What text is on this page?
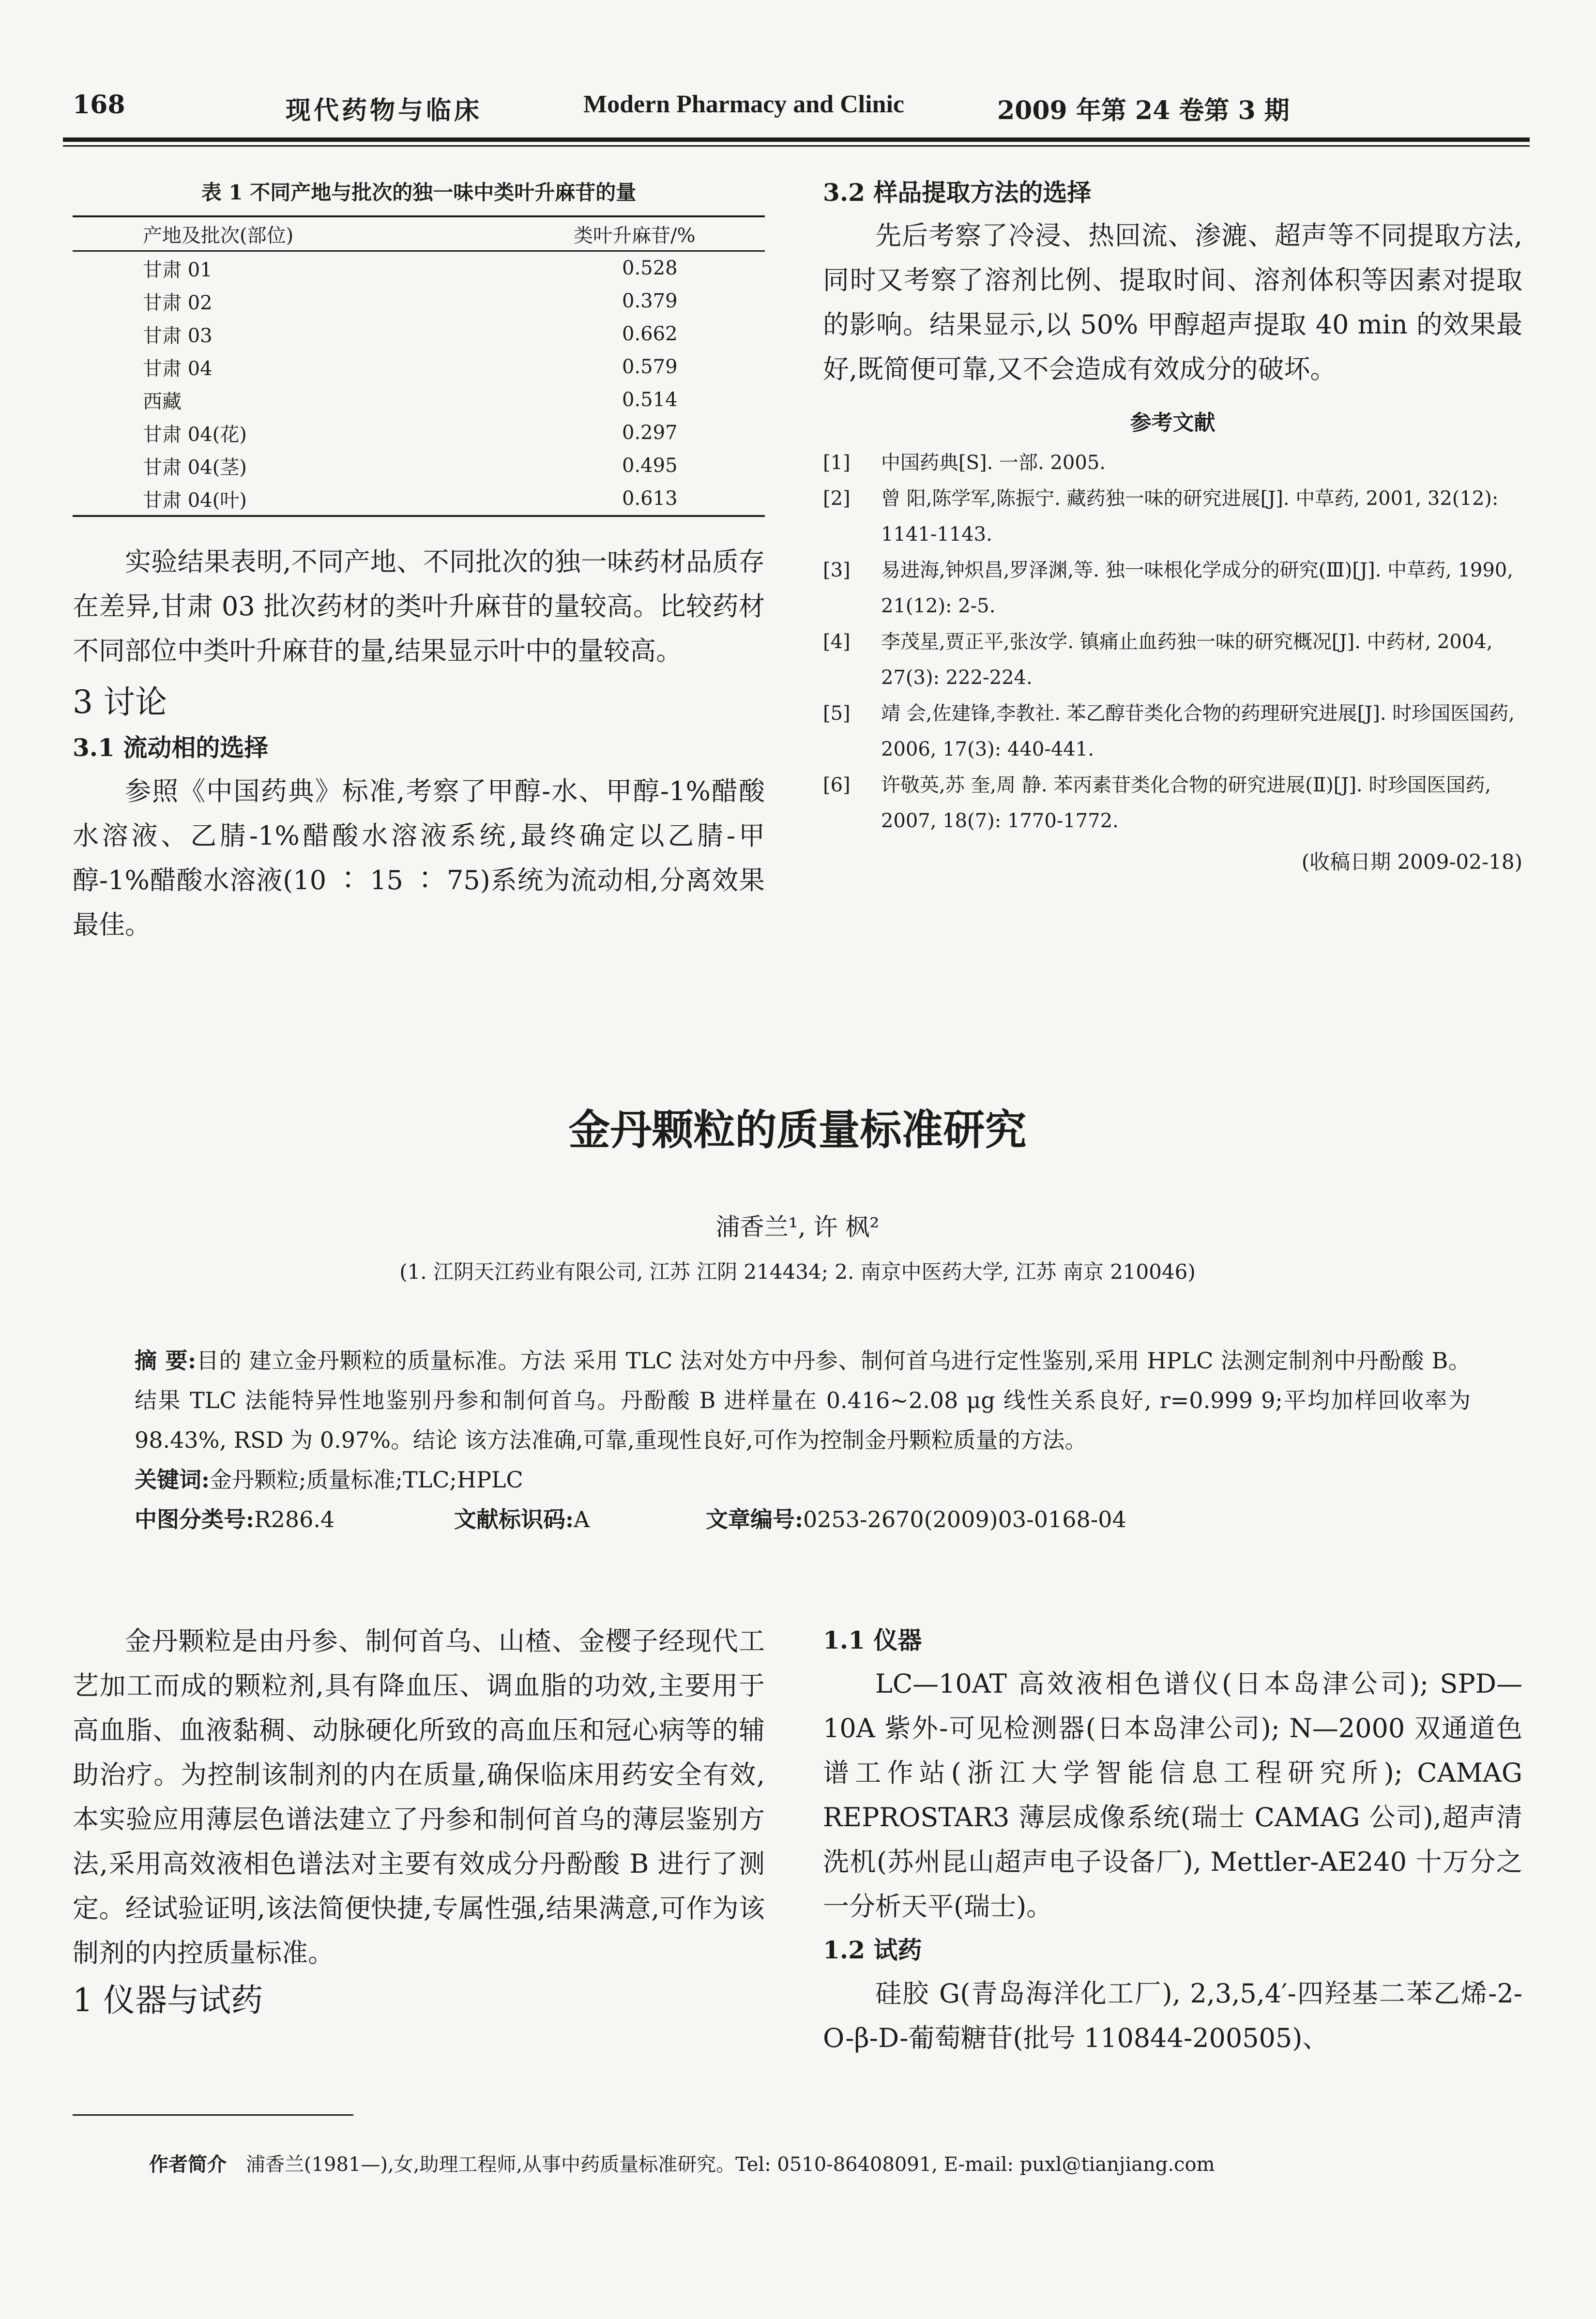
168	现代药物与临床	Modern Pharmacy and Clinic	2009 年第 24 卷第 3 期
表 1 不同产地与批次的独一味中类叶升麻苷的量
产地及批次(部位)	类叶升麻苷/%
甘肃 01	0.528
甘肃 02	0.379
甘肃 03	0.662
甘肃 04	0.579
西藏	0.514
甘肃 04(花)	0.297
甘肃 04(茎)	0.495
甘肃 04(叶)	0.613
实验结果表明,不同产地、不同批次的独一味药材品质存在差异,甘肃 03 批次药材的类叶升麻苷的量较高。比较药材不同部位中类叶升麻苷的量,结果显示叶中的量较高。
3 讨论
3.1 流动相的选择
参照《中国药典》标准,考察了甲醇-水、甲醇-1%醋酸水溶液、乙腈-1%醋酸水溶液系统,最终确定以乙腈-甲醇-1%醋酸水溶液(10 ∶ 15 ∶ 75)系统为流动相,分离效果最佳。
3.2 样品提取方法的选择
先后考察了冷浸、热回流、渗漉、超声等不同提取方法,同时又考察了溶剂比例、提取时间、溶剂体积等因素对提取的影响。结果显示,以 50% 甲醇超声提取 40 min 的效果最好,既简便可靠,又不会造成有效成分的破坏。
参考文献
[1]	中国药典[S]. 一部. 2005.
[2]	曾 阳,陈学军,陈振宁. 藏药独一味的研究进展[J]. 中草药, 2001, 32(12): 1141-1143.
[3]	易进海,钟炽昌,罗泽渊,等. 独一味根化学成分的研究(Ⅲ)[J]. 中草药, 1990, 21(12): 2-5.
[4]	李茂星,贾正平,张汝学. 镇痛止血药独一味的研究概况[J]. 中药材, 2004, 27(3): 222-224.
[5]	靖 会,佐建锋,李教社. 苯乙醇苷类化合物的药理研究进展[J]. 时珍国医国药, 2006, 17(3): 440-441.
[6]	许敬英,苏 奎,周 静. 苯丙素苷类化合物的研究进展(Ⅱ)[J]. 时珍国医国药, 2007, 18(7): 1770-1772.
(收稿日期 2009-02-18)
金丹颗粒的质量标准研究
浦香兰¹, 许 枫²
(1. 江阴天江药业有限公司, 江苏 江阴 214434; 2. 南京中医药大学, 江苏 南京 210046)
摘 要:目的 建立金丹颗粒的质量标准。方法 采用 TLC 法对处方中丹参、制何首乌进行定性鉴别,采用 HPLC 法测定制剂中丹酚酸 B。结果 TLC 法能特异性地鉴别丹参和制何首乌。丹酚酸 B 进样量在 0.416~2.08 μg 线性关系良好, r=0.999 9;平均加样回收率为 98.43%, RSD 为 0.97%。结论 该方法准确,可靠,重现性良好,可作为控制金丹颗粒质量的方法。
关键词:金丹颗粒;质量标准;TLC;HPLC
中图分类号:R286.4	文献标识码:A	文章编号:0253-2670(2009)03-0168-04
金丹颗粒是由丹参、制何首乌、山楂、金樱子经现代工艺加工而成的颗粒剂,具有降血压、调血脂的功效,主要用于高血脂、血液黏稠、动脉硬化所致的高血压和冠心病等的辅助治疗。为控制该制剂的内在质量,确保临床用药安全有效,本实验应用薄层色谱法建立了丹参和制何首乌的薄层鉴别方法,采用高效液相色谱法对主要有效成分丹酚酸 B 进行了测定。经试验证明,该法简便快捷,专属性强,结果满意,可作为该制剂的内控质量标准。
1 仪器与试药
1.1 仪器
LC—10AT 高效液相色谱仪(日本岛津公司); SPD—10A 紫外-可见检测器(日本岛津公司); N—2000 双通道色谱工作站(浙江大学智能信息工程研究所); CAMAG REPROSTAR3 薄层成像系统(瑞士 CAMAG 公司),超声清洗机(苏州昆山超声电子设备厂), Mettler-AE240 十万分之一分析天平(瑞士)。
1.2 试药
硅胶 G(青岛海洋化工厂), 2,3,5,4′-四羟基二苯乙烯-2-O-β-D-葡萄糖苷(批号 110844-200505)、
作者简介 浦香兰(1981—),女,助理工程师,从事中药质量标准研究。Tel: 0510-86408091, E-mail: puxl@tianjiang.com
